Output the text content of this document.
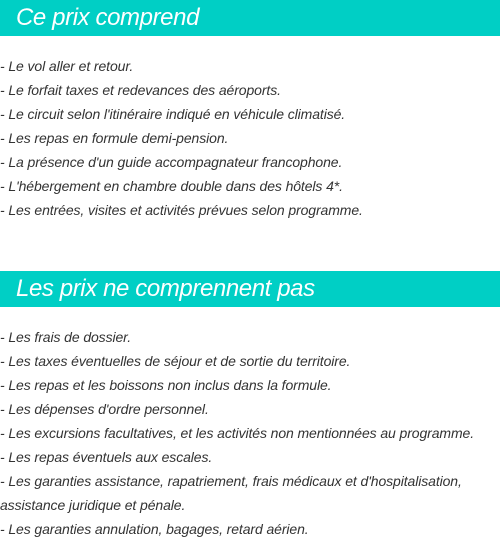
Ce prix comprend
- Le vol aller et retour.
- Le forfait taxes et redevances des aéroports.
- Le circuit selon l'itinéraire indiqué en véhicule climatisé.
- Les repas en formule demi-pension.
- La présence d'un guide accompagnateur francophone.
- L'hébergement en chambre double dans des hôtels 4*.
- Les entrées, visites et activités prévues selon programme.
Les prix ne comprennent pas
- Les frais de dossier.
- Les taxes éventuelles de séjour et de sortie du territoire.
- Les repas et les boissons non inclus dans la formule.
- Les dépenses d'ordre personnel.
- Les excursions facultatives, et les activités non mentionnées au programme.
- Les repas éventuels aux escales.
- Les garanties assistance, rapatriement, frais médicaux et d'hospitalisation, assistance juridique et pénale.
- Les garanties annulation, bagages, retard aérien.
